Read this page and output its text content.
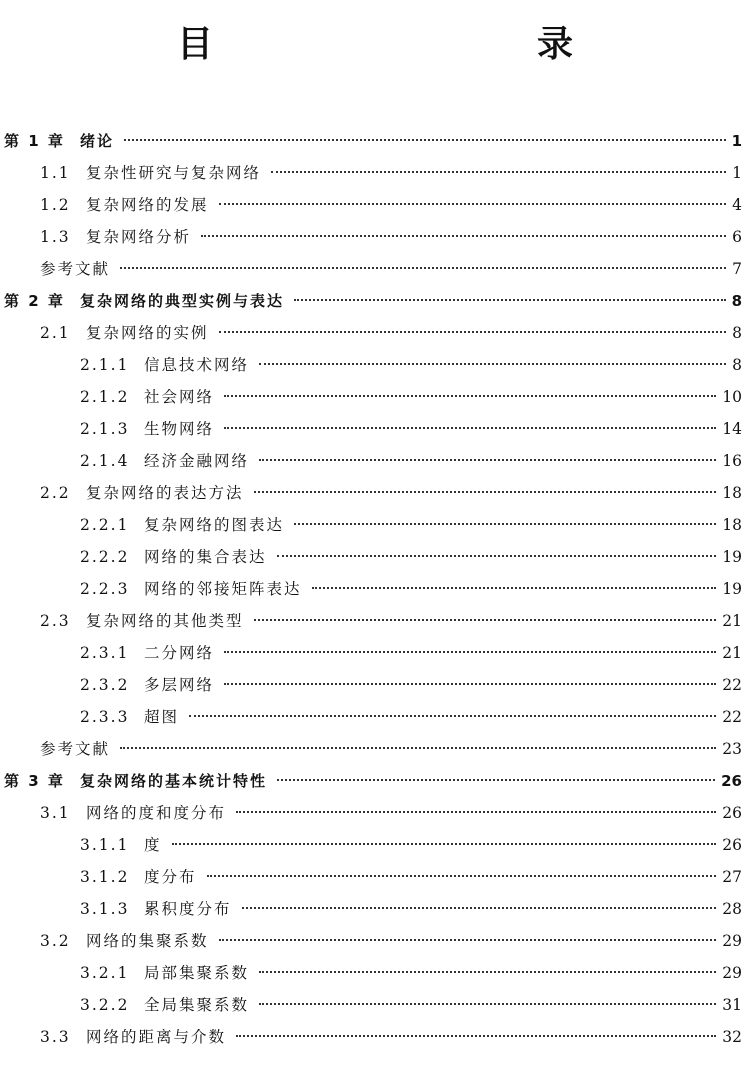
目　　录
第 1 章	绪论	1
1.1 复杂性研究与复杂网络	1
1.2 复杂网络的发展	4
1.3 复杂网络分析	6
参考文献	7
第 2 章	复杂网络的典型实例与表达	8
2.1 复杂网络的实例	8
2.1.1 信息技术网络	8
2.1.2 社会网络	10
2.1.3 生物网络	14
2.1.4 经济金融网络	16
2.2 复杂网络的表达方法	18
2.2.1 复杂网络的图表达	18
2.2.2 网络的集合表达	19
2.2.3 网络的邻接矩阵表达	19
2.3 复杂网络的其他类型	21
2.3.1 二分网络	21
2.3.2 多层网络	22
2.3.3 超图	22
参考文献	23
第 3 章	复杂网络的基本统计特性	26
3.1 网络的度和度分布	26
3.1.1 度	26
3.1.2 度分布	27
3.1.3 累积度分布	28
3.2 网络的集聚系数	29
3.2.1 局部集聚系数	29
3.2.2 全局集聚系数	31
3.3 网络的距离与介数	32
